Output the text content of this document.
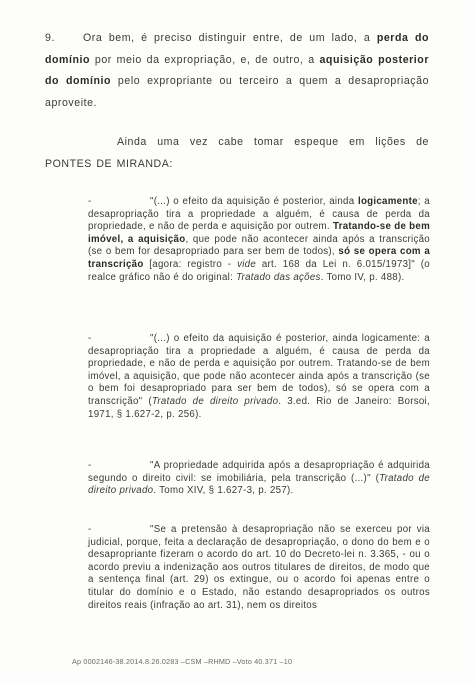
9.	Ora bem, é preciso distinguir entre, de um lado, a perda do domínio por meio da expropriação, e, de outro, a aquisição posterior do domínio pelo expropriante ou terceiro a quem a desapropriação aproveite.

Ainda uma vez cabe tomar espeque em lições de PONTES DE MIRANDA:

-	"(...) o efeito da aquisição é posterior, ainda logicamente; a desapropriação tira a propriedade a alguém, é causa de perda da propriedade, e não de perda e aquisição por outrem. Tratando-se de bem imóvel, a aquisição, que pode não acontecer ainda após a transcrição (se o bem for desapropriado para ser bem de todos), só se opera com a transcrição [agora: registro - vide art. 168 da Lei n. 6.015/1973]" (o realce gráfico não é do original: Tratado das ações. Tomo IV, p. 488).

-	"(...) o efeito da aquisição é posterior, ainda logicamente: a desapropriação tira a propriedade a alguém, é causa de perda da propriedade, e não de perda e aquisição por outrem. Tratando-se de bem imóvel, a aquisição, que pode não acontecer ainda após a transcrição (se o bem foi desapropriado para ser bem de todos), só se opera com a transcrição" (Tratado de direito privado. 3.ed. Rio de Janeiro: Borsoi, 1971, § 1.627-2, p. 256).

-	"A propriedade adquirida após a desapropriação é adquirida segundo o direito civil: se imobiliária, pela transcrição (...)" (Tratado de direito privado. Tomo XIV, § 1.627-3, p. 257).

-	"Se a pretensão à desapropriação não se exerceu por via judicial, porque, feita a declaração de desapropriação, o dono do bem e o desapropriante fizeram o acordo do art. 10 do Decreto-lei n. 3.365, - ou o acordo previu a indenização aos outros titulares de direitos, de modo que a sentença final (art. 29) os extingue, ou o acordo foi apenas entre o titular do domínio e o Estado, não estando desapropriados os outros direitos reais (infração ao art. 31), nem os direitos

Ap 0002146-38.2014.8.26.0283 –CSM –RHMD –Voto 40.371 –10
